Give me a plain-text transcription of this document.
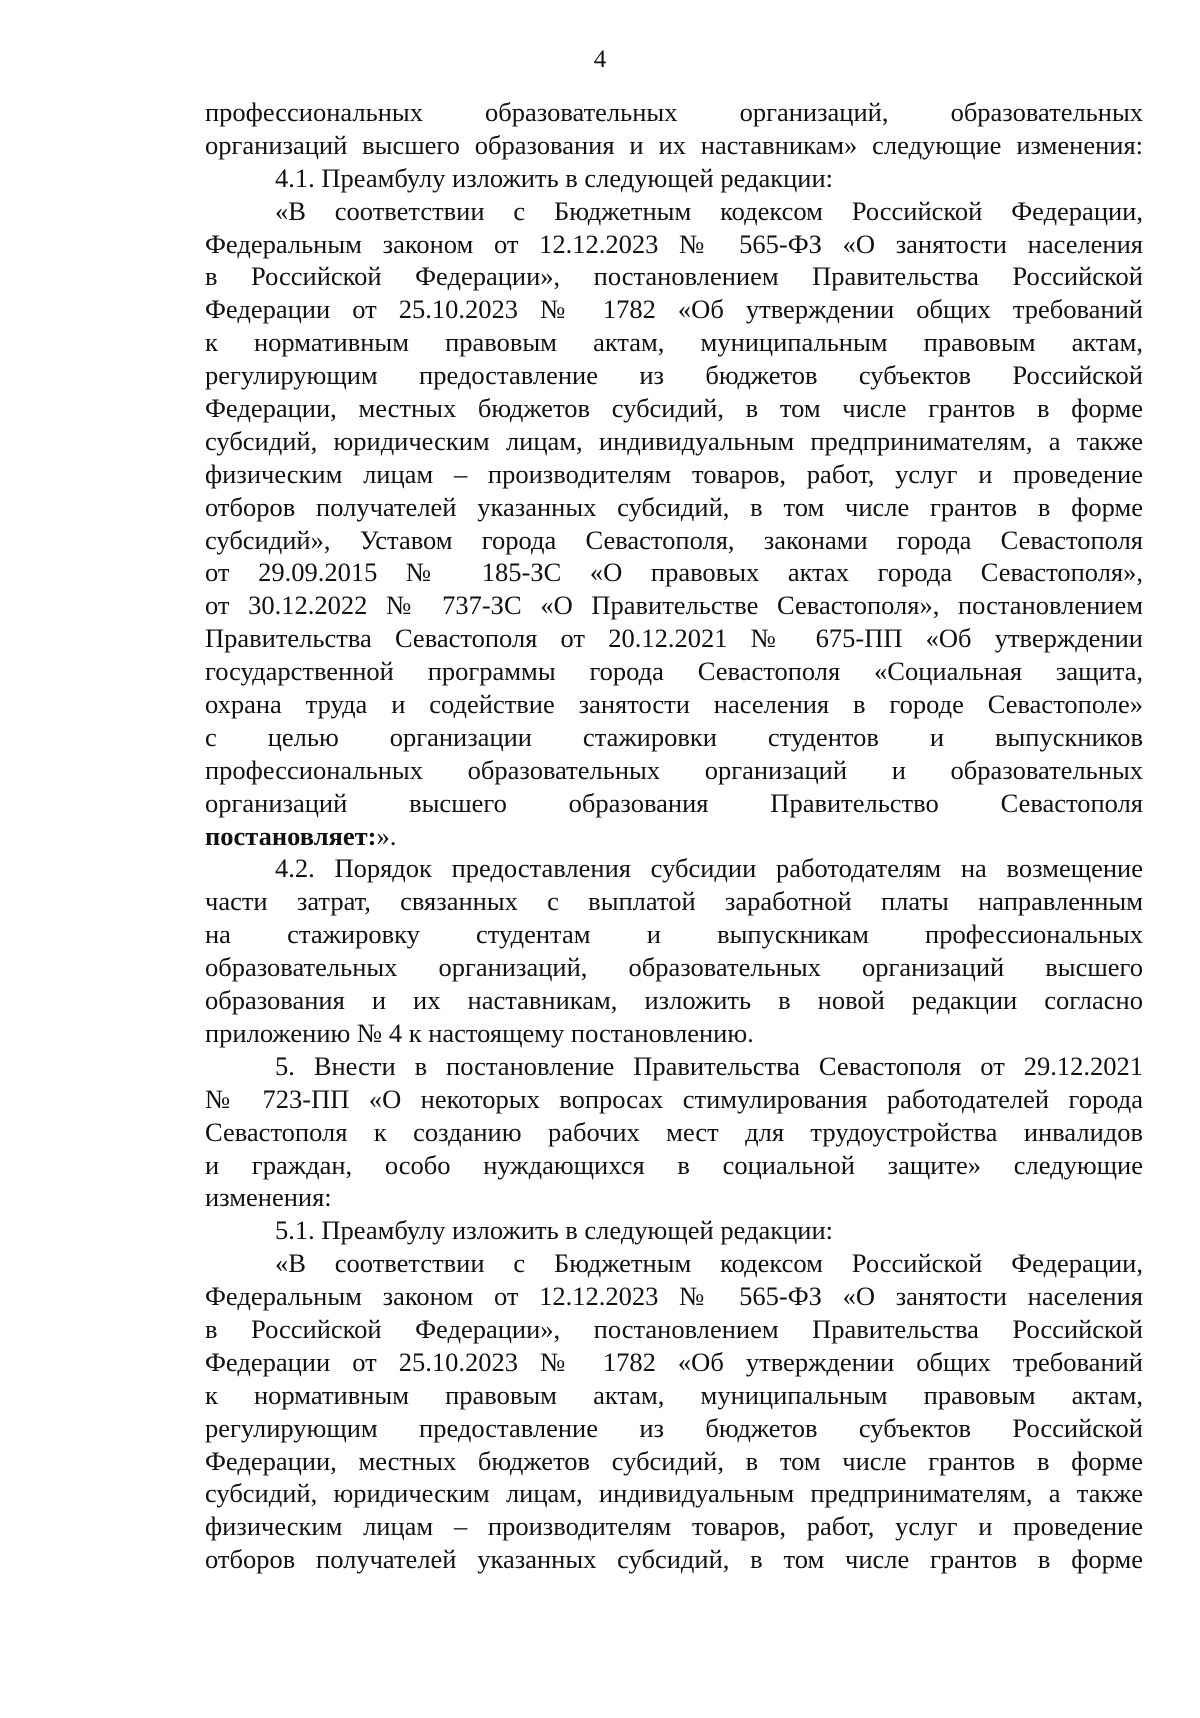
4
профессиональных образовательных организаций, образовательных
организаций высшего образования и их наставникам» следующие изменения:
4.1. Преамбулу изложить в следующей редакции:
«В соответствии с Бюджетным кодексом Российской Федерации,
Федеральным законом от 12.12.2023 № 565-ФЗ «О занятости населения
в Российской Федерации», постановлением Правительства Российской
Федерации от 25.10.2023 № 1782 «Об утверждении общих требований
к нормативным правовым актам, муниципальным правовым актам,
регулирующим предоставление из бюджетов субъектов Российской
Федерации, местных бюджетов субсидий, в том числе грантов в форме
субсидий, юридическим лицам, индивидуальным предпринимателям, а также
физическим лицам – производителям товаров, работ, услуг и проведение
отборов получателей указанных субсидий, в том числе грантов в форме
субсидий», Уставом города Севастополя, законами города Севастополя
от 29.09.2015 № 185-ЗС «О правовых актах города Севастополя»,
от 30.12.2022 № 737-ЗС «О Правительстве Севастополя», постановлением
Правительства Севастополя от 20.12.2021 № 675-ПП «Об утверждении
государственной программы города Севастополя «Социальная защита,
охрана труда и содействие занятости населения в городе Севастополе»
с целью организации стажировки студентов и выпускников
профессиональных образовательных организаций и образовательных
организаций высшего образования Правительство Севастополя
постановляет:».
4.2. Порядок предоставления субсидии работодателям на возмещение
части затрат, связанных с выплатой заработной платы направленным
на стажировку студентам и выпускникам профессиональных
образовательных организаций, образовательных организаций высшего
образования и их наставникам, изложить в новой редакции согласно
приложению № 4 к настоящему постановлению.
5. Внести в постановление Правительства Севастополя от 29.12.2021
№ 723-ПП «О некоторых вопросах стимулирования работодателей города
Севастополя к созданию рабочих мест для трудоустройства инвалидов
и граждан, особо нуждающихся в социальной защите» следующие
изменения:
5.1. Преамбулу изложить в следующей редакции:
«В соответствии с Бюджетным кодексом Российской Федерации,
Федеральным законом от 12.12.2023 № 565-ФЗ «О занятости населения
в Российской Федерации», постановлением Правительства Российской
Федерации от 25.10.2023 № 1782 «Об утверждении общих требований
к нормативным правовым актам, муниципальным правовым актам,
регулирующим предоставление из бюджетов субъектов Российской
Федерации, местных бюджетов субсидий, в том числе грантов в форме
субсидий, юридическим лицам, индивидуальным предпринимателям, а также
физическим лицам – производителям товаров, работ, услуг и проведение
отборов получателей указанных субсидий, в том числе грантов в форме
